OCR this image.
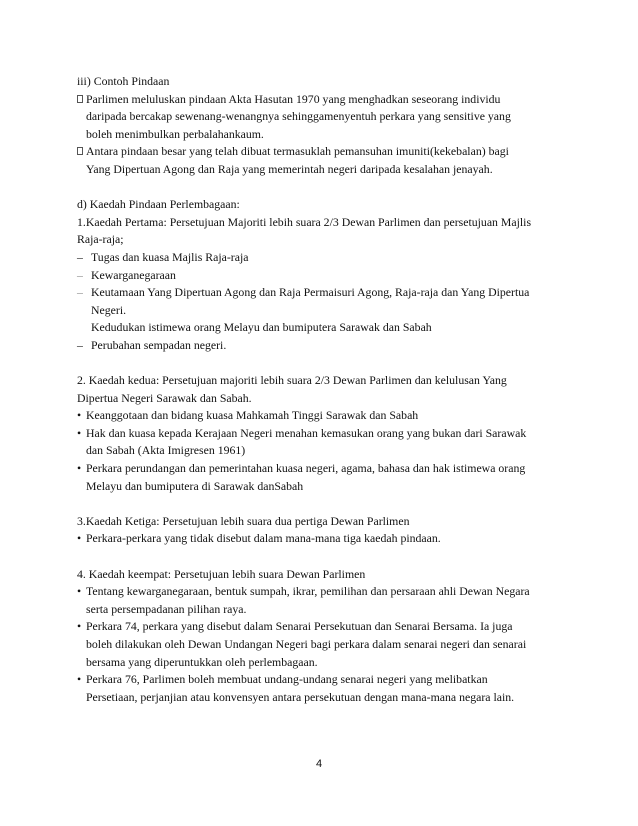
iii) Contoh Pindaan
Parlimen meluluskan pindaan Akta Hasutan 1970 yang menghadkan seseorang individu
daripada bercakap sewenang-wenangnya sehinggamenyentuh perkara yang sensitive yang
boleh menimbulkan perbalahankaum.
Antara pindaan besar yang telah dibuat termasuklah pemansuhan imuniti(kekebalan) bagi
Yang Dipertuan Agong dan Raja yang memerintah negeri daripada kesalahan jenayah.
d) Kaedah Pindaan Perlembagaan:
1.Kaedah Pertama: Persetujuan Majoriti lebih suara 2/3 Dewan Parlimen dan persetujuan Majlis
Raja-raja;
– Tugas dan kuasa Majlis Raja-raja
– Kewarganegaraan
– Keutamaan Yang Dipertuan Agong dan Raja Permaisuri Agong, Raja-raja dan Yang Dipertua
Negeri.
Kedudukan istimewa orang Melayu dan bumiputera Sarawak dan Sabah
– Perubahan sempadan negeri.
2. Kaedah kedua: Persetujuan majoriti lebih suara 2/3 Dewan Parlimen dan kelulusan Yang
Dipertua Negeri Sarawak dan Sabah.
• Keanggotaan dan bidang kuasa Mahkamah Tinggi Sarawak dan Sabah
• Hak dan kuasa kepada Kerajaan Negeri menahan kemasukan orang yang bukan dari Sarawak
dan Sabah (Akta Imigresen 1961)
• Perkara perundangan dan pemerintahan kuasa negeri, agama, bahasa dan hak istimewa orang
Melayu dan bumiputera di Sarawak danSabah
3.Kaedah Ketiga: Persetujuan lebih suara dua pertiga Dewan Parlimen
• Perkara-perkara yang tidak disebut dalam mana-mana tiga kaedah pindaan.
4. Kaedah keempat: Persetujuan lebih suara Dewan Parlimen
• Tentang kewarganegaraan, bentuk sumpah, ikrar, pemilihan dan persaraan ahli Dewan Negara
serta persempadanan pilihan raya.
• Perkara 74, perkara yang disebut dalam Senarai Persekutuan dan Senarai Bersama. Ia juga
boleh dilakukan oleh Dewan Undangan Negeri bagi perkara dalam senarai negeri dan senarai
bersama yang diperuntukkan oleh perlembagaan.
• Perkara 76, Parlimen boleh membuat undang-undang senarai negeri yang melibatkan
Persetiaan, perjanjian atau konvensyen antara persekutuan dengan mana-mana negara lain.
4
